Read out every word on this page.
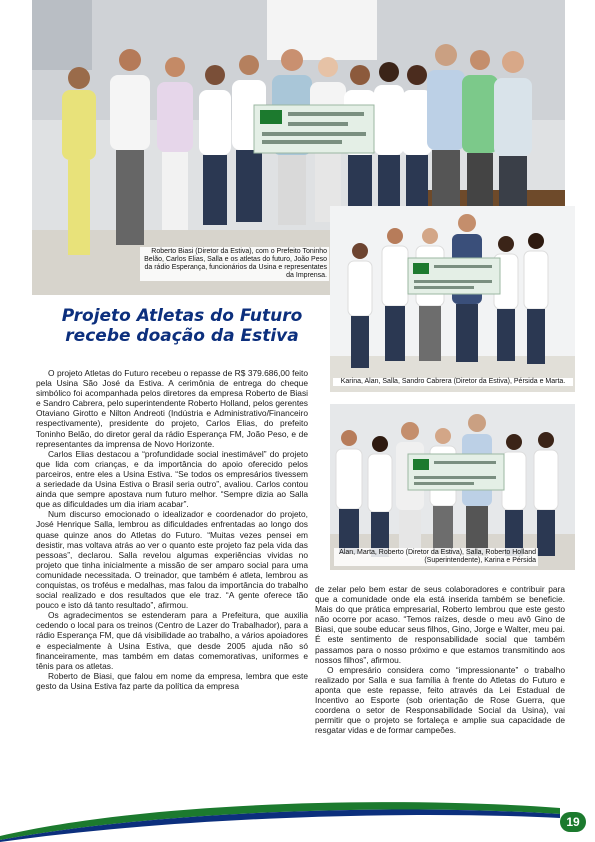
Roberto Biasi (Diretor da Estiva), com o Prefeito Toninho Belão, Carlos Elias, Salla e os atletas do futuro, João Peso da rádio Esperança, funcionários da Usina e representates da Imprensa.
Karina, Alan, Salla, Sandro Cabrera (Diretor da Estiva), Pérsida e Marta.
Alan, Marta, Roberto (Diretor da Estiva), Salla, Roberto Holland (Superintendente), Karina e Pérsida
Projeto Atletas do Futuro
recebe doação da Estiva

O projeto Atletas do Futuro recebeu o repasse de R$ 379.686,00 feito pela Usina São José da Estiva. A cerimônia de entrega do cheque simbólico foi acompanhada pelos diretores da empresa Roberto de Biasi e Sandro Cabrera, pelo superintendente Roberto Holland, pelos gerentes Otaviano Girotto e Nilton Andreoti (Indústria e Administrativo/Financeiro respectivamente), presidente do projeto, Carlos Elias, do prefeito Toninho Belão, do diretor geral da rádio Esperança FM, João Peso, e de representantes da imprensa de Novo Horizonte.

Carlos Elias destacou a “profundidade social inestimável” do projeto que lida com crianças, e da importância do apoio oferecido pelos parceiros, entre eles a Usina Estiva. “Se todos os empresários tivessem a seriedade da Usina Estiva o Brasil seria outro”, avaliou. Carlos contou ainda que sempre apostava num futuro melhor. “Sempre dizia ao Salla que as dificuldades um dia iriam acabar”.

Num discurso emocionado o idealizador e coordenador do projeto, José Henrique Salla, lembrou as dificuldades enfrentadas ao longo dos quase quinze anos do Atletas do Futuro. “Muitas vezes pensei em desistir, mas voltava atrás ao ver o quanto este projeto faz pela vida das pessoas”, declarou. Salla reveIou algumas experiências vividas no projeto que tinha inicialmente a missão de ser amparo social para uma comunidade necessitada. O treinador, que também é atleta, lembrou as conquistas, os troféus e medalhas, mas falou da importância do trabalho social realizado e dos resultados que ele traz. “A gente oferece tão pouco e isto dá tanto resultado”, afirmou.

Os agradecimentos se estenderam para a Prefeitura, que auxilia cedendo o local para os treinos (Centro de Lazer do Trabalhador), para a rádio Esperança FM, que dá visibilidade ao trabalho, a vários apoiadores e especialmente à Usina Estiva, que desde 2005 ajuda não só financeiramente, mas também em datas comemorativas, uniformes e tênis para os atletas.

Roberto de Biasi, que falou em nome da empresa, lembra que este gesto da Usina Estiva faz parte da política da empresa

de zelar pelo bem estar de seus colaboradores e contribuir para que a comunidade onde ela está inserida também se beneficie. Mais do que prática empresarial, Roberto lembrou que este gesto não ocorre por acaso. “Temos raízes, desde o meu avô Gino de Biasi, que soube educar seus filhos, Gino, Jorge e Walter, meu pai. É este sentimento de responsabilidade social que também passamos para o nosso próximo e que estamos transmitindo aos nossos filhos”, afirmou.

O empresário considera como “impressionante” o trabalho realizado por Salla e sua família à frente do Atletas do Futuro e aponta que este repasse, feito através da Lei Estadual de Incentivo ao Esporte (sob orientação de Rose Guerra, que coordena o setor de Responsabilidade Social da Usina), vai permitir que o projeto se fortaleça e amplie sua capacidade de resgatar vidas e de formar campeões.

19
